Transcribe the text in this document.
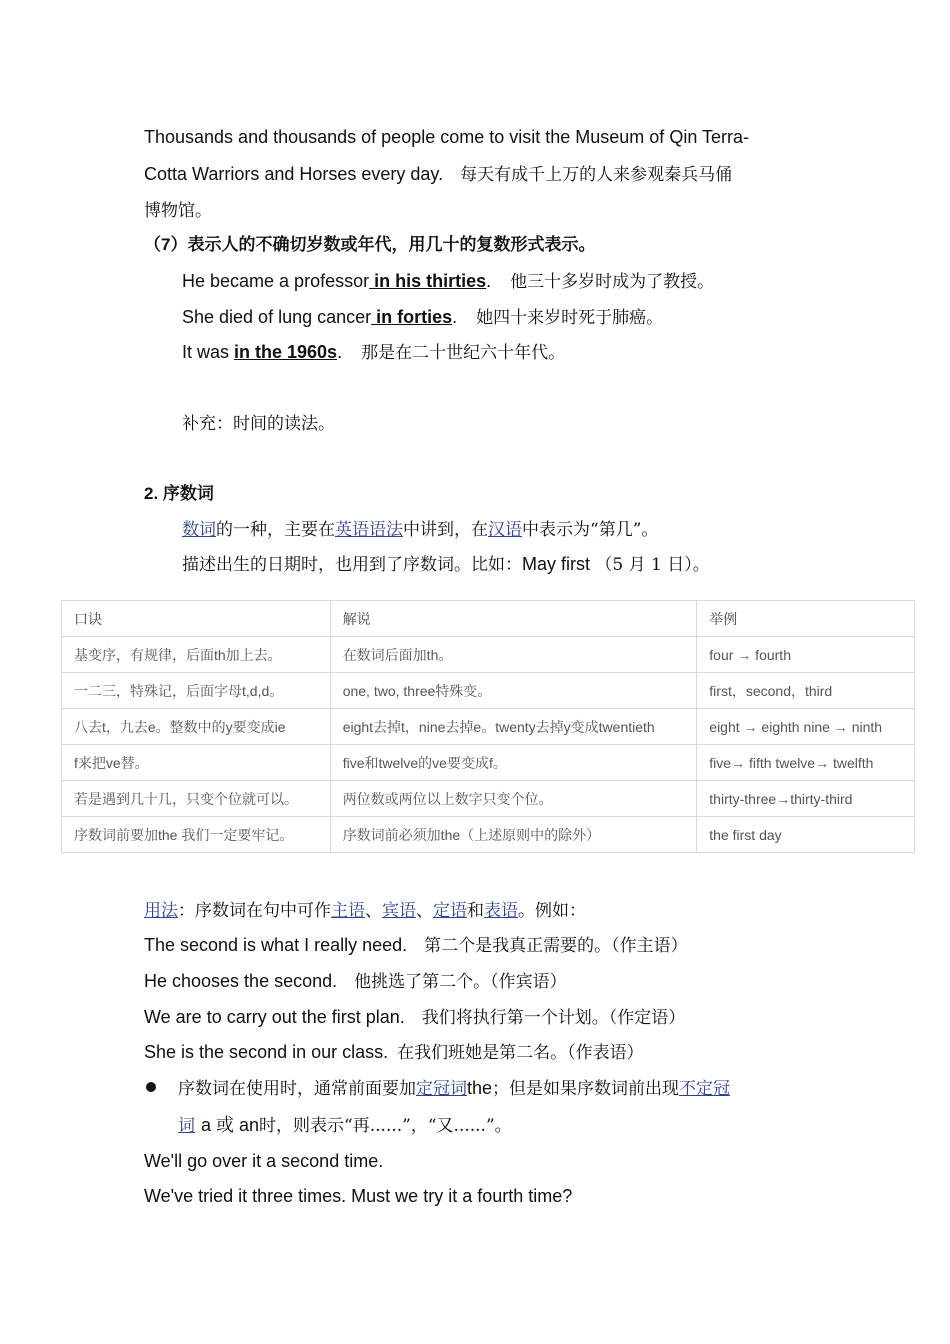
Thousands and thousands of people come to visit the Museum of Qin Terra-
Cotta Warriors and Horses every day. 每天有成千上万的人来参观秦兵马俑
博物馆。
（7）表示人的不确切岁数或年代，用几十的复数形式表示。
He became a professor in his thirties. 他三十多岁时成为了教授。
She died of lung cancer in forties. 她四十来岁时死于肺癌。
It was in the 1960s. 那是在二十世纪六十年代。
补充：时间的读法。
2. 序数词
数词的一种，主要在英语语法中讲到，在汉语中表示为“第几”。
描述出生的日期时，也用到了序数词。比如：May first （5 月 1 日）。
口诀	解说	举例
基变序，有规律，后面th加上去。	在数词后面加th。	four → fourth
一二三，特殊记，后面字母t,d,d。	one, two, three特殊变。	first，second，third
八去t，九去e。整数中的y要变成ie	eight去掉t，nine去掉e。twenty去掉y变成twentieth	eight → eighth nine → ninth
f来把ve替。	five和twelve的ve要变成f。	five→ fifth twelve→ twelfth
若是遇到几十几，只变个位就可以。	两位数或两位以上数字只变个位。	thirty-three→thirty-third
序数词前要加the 我们一定要牢记。	序数词前必须加the（上述原则中的除外）	the first day
用法：序数词在句中可作主语、宾语、定语和表语。例如：
The second is what I really need. 第二个是我真正需要的。（作主语）
He chooses the second. 他挑选了第二个。（作宾语）
We are to carry out the first plan. 我们将执行第一个计划。（作定语）
She is the second in our class. 在我们班她是第二名。（作表语）
序数词在使用时，通常前面要加定冠词the；但是如果序数词前出现不定冠
词 a 或 an时，则表示“再......”，“又......”。
We'll go over it a second time.
We've tried it three times. Must we try it a fourth time?
